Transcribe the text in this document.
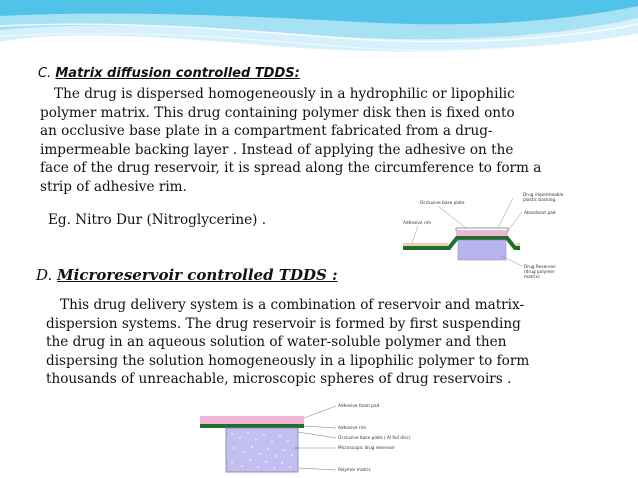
C. Matrix diffusion controlled TDDS:
The drug is dispersed homogeneously in a hydrophilic or lipophilic
polymer matrix. This drug containing polymer disk then is fixed onto
an occlusive base plate in a compartment fabricated from a drug-
impermeable backing layer . Instead of applying the adhesive on the
face of the drug reservoir, it is spread along the circumference to form a
strip of adhesive rim.
Eg. Nitro Dur (Nitroglycerine) .
Occlusive base plate
Drug impermeable
plastic backing
Absorbent pad
Adhesive rim
Drug Reservoir
(drug polymer
matrix)
D. Microreservoir controlled TDDS :
This drug delivery system is a combination of reservoir and matrix-
dispersion systems. The drug reservoir is formed by first suspending
the drug in an aqueous solution of water-soluble polymer and then
dispersing the solution homogeneously in a lipophilic polymer to form
thousands of unreachable, microscopic spheres of drug reservoirs .
Adhesive foam pad
Adhesive rim
Occlusive base plate ( Al foil disc)
Microscopic drug reservoir
Polymer matrix
